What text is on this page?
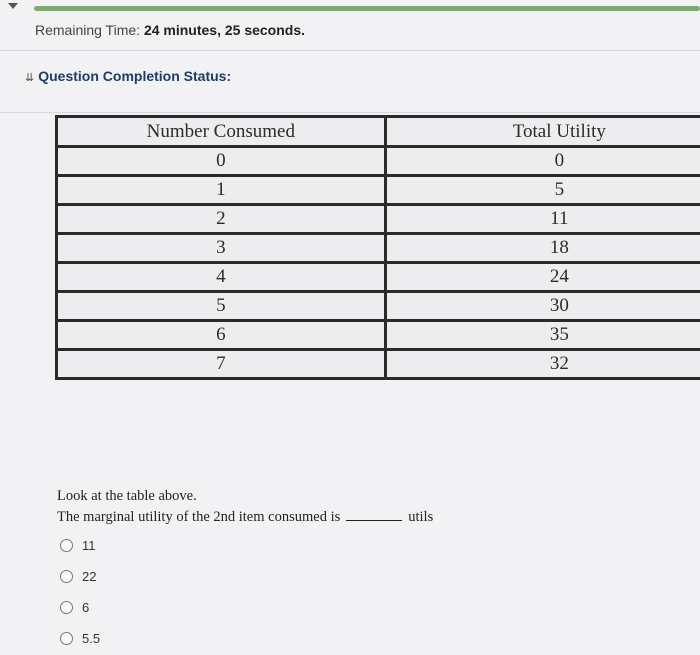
Remaining Time: 24 minutes, 25 seconds.
⇊ Question Completion Status:
Number Consumed	Total Utility
0	0
1	5
2	11
3	18
4	24
5	30
6	35
7	32
Look at the table above.
The marginal utility of the 2nd item consumed is	utils
11
22
6
5.5
